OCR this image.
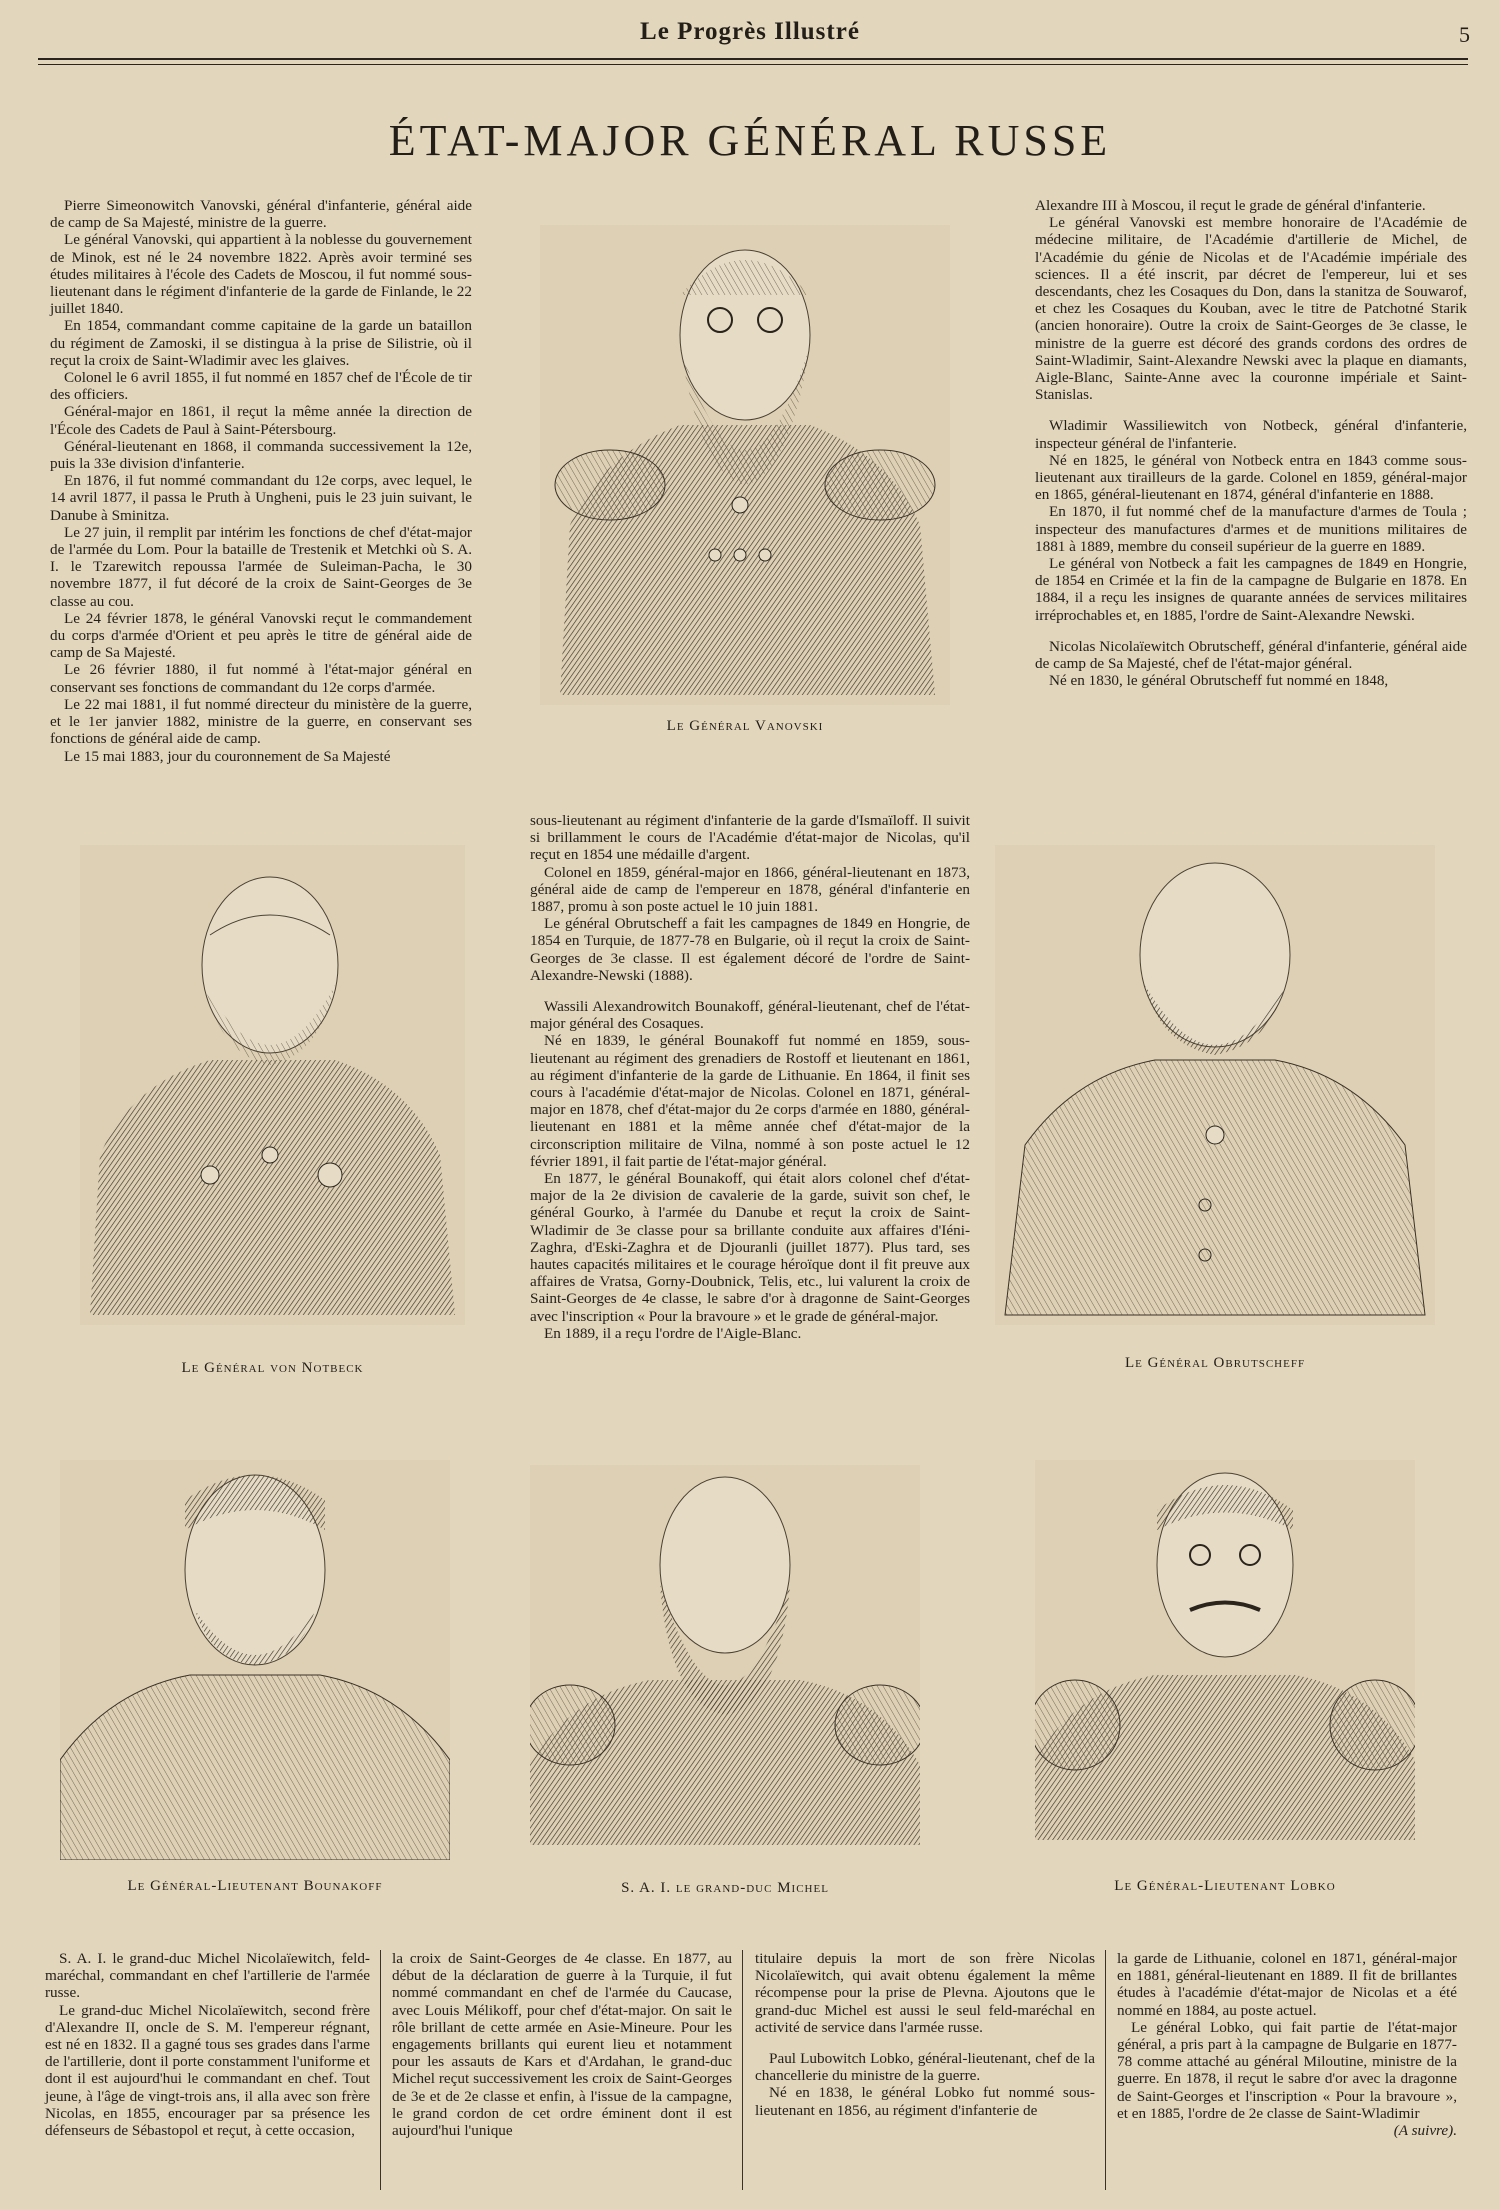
Le Progrès Illustré	5
ÉTAT-MAJOR GÉNÉRAL RUSSE

Pierre Simeonowitch Vanovski, général d'infanterie, général aide de camp de Sa Majesté, ministre de la guerre.

Le général Vanovski, qui appartient à la noblesse du gouvernement de Minok, est né le 24 novembre 1822. Après avoir terminé ses études militaires à l'école des Cadets de Moscou, il fut nommé sous-lieutenant dans le régiment d'infanterie de la garde de Finlande, le 22 juillet 1840.

En 1854, commandant comme capitaine de la garde un bataillon du régiment de Zamoski, il se distingua à la prise de Silistrie, où il reçut la croix de Saint-Wladimir avec les glaives.

Colonel le 6 avril 1855, il fut nommé en 1857 chef de l'École de tir des officiers.

Général-major en 1861, il reçut la même année la direction de l'École des Cadets de Paul à Saint-Pétersbourg.

Général-lieutenant en 1868, il commanda successivement la 12e, puis la 33e division d'infanterie.

En 1876, il fut nommé commandant du 12e corps, avec lequel, le 14 avril 1877, il passa le Pruth à Ungheni, puis le 23 juin suivant, le Danube à Sminitza.

Le 27 juin, il remplit par intérim les fonctions de chef d'état-major de l'armée du Lom. Pour la bataille de Trestenik et Metchki où S. A. I. le Tzarewitch repoussa l'armée de Suleiman-Pacha, le 30 novembre 1877, il fut décoré de la croix de Saint-Georges de 3e classe au cou.

Le 24 février 1878, le général Vanovski reçut le commandement du corps d'armée d'Orient et peu après le titre de général aide de camp de Sa Majesté.

Le 26 février 1880, il fut nommé à l'état-major général en conservant ses fonctions de commandant du 12e corps d'armée.

Le 22 mai 1881, il fut nommé directeur du ministère de la guerre, et le 1er janvier 1882, ministre de la guerre, en conservant ses fonctions de général aide de camp.

Le 15 mai 1883, jour du couronnement de Sa Majesté

Le Général Vanovski

Alexandre III à Moscou, il reçut le grade de général d'infanterie.

Le général Vanovski est membre honoraire de l'Académie de médecine militaire, de l'Académie d'artillerie de Michel, de l'Académie du génie de Nicolas et de l'Académie impériale des sciences. Il a été inscrit, par décret de l'empereur, lui et ses descendants, chez les Cosaques du Don, dans la stanitza de Souwarof, et chez les Cosaques du Kouban, avec le titre de Patchotné Starik (ancien honoraire). Outre la croix de Saint-Georges de 3e classe, le ministre de la guerre est décoré des grands cordons des ordres de Saint-Wladimir, Saint-Alexandre Newski avec la plaque en diamants, Aigle-Blanc, Sainte-Anne avec la couronne impériale et Saint-Stanislas.

Wladimir Wassiliewitch von Notbeck, général d'infanterie, inspecteur général de l'infanterie.

Né en 1825, le général von Notbeck entra en 1843 comme sous-lieutenant aux tirailleurs de la garde. Colonel en 1859, général-major en 1865, général-lieutenant en 1874, général d'infanterie en 1888.

En 1870, il fut nommé chef de la manufacture d'armes de Toula ; inspecteur des manufactures d'armes et de munitions militaires de 1881 à 1889, membre du conseil supérieur de la guerre en 1889.

Le général von Notbeck a fait les campagnes de 1849 en Hongrie, de 1854 en Crimée et la fin de la campagne de Bulgarie en 1878. En 1884, il a reçu les insignes de quarante années de services militaires irréprochables et, en 1885, l'ordre de Saint-Alexandre Newski.

Nicolas Nicolaïewitch Obrutscheff, général d'infanterie, général aide de camp de Sa Majesté, chef de l'état-major général.

Né en 1830, le général Obrutscheff fut nommé en 1848,

Le Général von Notbeck

sous-lieutenant au régiment d'infanterie de la garde d'Ismaïloff. Il suivit si brillamment le cours de l'Académie d'état-major de Nicolas, qu'il reçut en 1854 une médaille d'argent.

Colonel en 1859, général-major en 1866, général-lieutenant en 1873, général aide de camp de l'empereur en 1878, général d'infanterie en 1887, promu à son poste actuel le 10 juin 1881.

Le général Obrutscheff a fait les campagnes de 1849 en Hongrie, de 1854 en Turquie, de 1877-78 en Bulgarie, où il reçut la croix de Saint-Georges de 3e classe. Il est également décoré de l'ordre de Saint-Alexandre-Newski (1888).

Wassili Alexandrowitch Bounakoff, général-lieutenant, chef de l'état-major général des Cosaques.

Né en 1839, le général Bounakoff fut nommé en 1859, sous-lieutenant au régiment des grenadiers de Rostoff et lieutenant en 1861, au régiment d'infanterie de la garde de Lithuanie. En 1864, il finit ses cours à l'académie d'état-major de Nicolas. Colonel en 1871, général-major en 1878, chef d'état-major du 2e corps d'armée en 1880, général-lieutenant en 1881 et la même année chef d'état-major de la circonscription militaire de Vilna, nommé à son poste actuel le 12 février 1891, il fait partie de l'état-major général.

En 1877, le général Bounakoff, qui était alors colonel chef d'état-major de la 2e division de cavalerie de la garde, suivit son chef, le général Gourko, à l'armée du Danube et reçut la croix de Saint-Wladimir de 3e classe pour sa brillante conduite aux affaires d'Iéni-Zaghra, d'Eski-Zaghra et de Djouranli (juillet 1877). Plus tard, ses hautes capacités militaires et le courage héroïque dont il fit preuve aux affaires de Vratsa, Gorny-Doubnick, Telis, etc., lui valurent la croix de Saint-Georges de 4e classe, le sabre d'or à dragonne de Saint-Georges avec l'inscription « Pour la bravoure » et le grade de général-major.

En 1889, il a reçu l'ordre de l'Aigle-Blanc.

Le Général Obrutscheff
Le Général-Lieutenant Bounakoff	S. A. I. le grand-duc Michel	Le Général-Lieutenant Lobko

S. A. I. le grand-duc Michel Nicolaïewitch, feld-maréchal, commandant en chef l'artillerie de l'armée russe.

Le grand-duc Michel Nicolaïewitch, second frère d'Alexandre II, oncle de S. M. l'empereur régnant, est né en 1832. Il a gagné tous ses grades dans l'arme de l'artillerie, dont il porte constamment l'uniforme et dont il est aujourd'hui le commandant en chef. Tout jeune, à l'âge de vingt-trois ans, il alla avec son frère Nicolas, en 1855, encourager par sa présence les défenseurs de Sébastopol et reçut, à cette occasion,

la croix de Saint-Georges de 4e classe. En 1877, au début de la déclaration de guerre à la Turquie, il fut nommé commandant en chef de l'armée du Caucase, avec Louis Mélikoff, pour chef d'état-major. On sait le rôle brillant de cette armée en Asie-Mineure. Pour les engagements brillants qui eurent lieu et notamment pour les assauts de Kars et d'Ardahan, le grand-duc Michel reçut successivement les croix de Saint-Georges de 3e et de 2e classe et enfin, à l'issue de la campagne, le grand cordon de cet ordre éminent dont il est aujourd'hui l'unique

titulaire depuis la mort de son frère Nicolas Nicolaïewitch, qui avait obtenu également la même récompense pour la prise de Plevna. Ajoutons que le grand-duc Michel est aussi le seul feld-maréchal en activité de service dans l'armée russe.

Paul Lubowitch Lobko, général-lieutenant, chef de la chancellerie du ministre de la guerre.

Né en 1838, le général Lobko fut nommé sous-lieutenant en 1856, au régiment d'infanterie de

la garde de Lithuanie, colonel en 1871, général-major en 1881, général-lieutenant en 1889. Il fit de brillantes études à l'académie d'état-major de Nicolas et a été nommé en 1884, au poste actuel.

Le général Lobko, qui fait partie de l'état-major général, a pris part à la campagne de Bulgarie en 1877-78 comme attaché au général Miloutine, ministre de la guerre. En 1878, il reçut le sabre d'or avec la dragonne de Saint-Georges et l'inscription « Pour la bravoure », et en 1885, l'ordre de 2e classe de Saint-Wladimir

(A suivre).
